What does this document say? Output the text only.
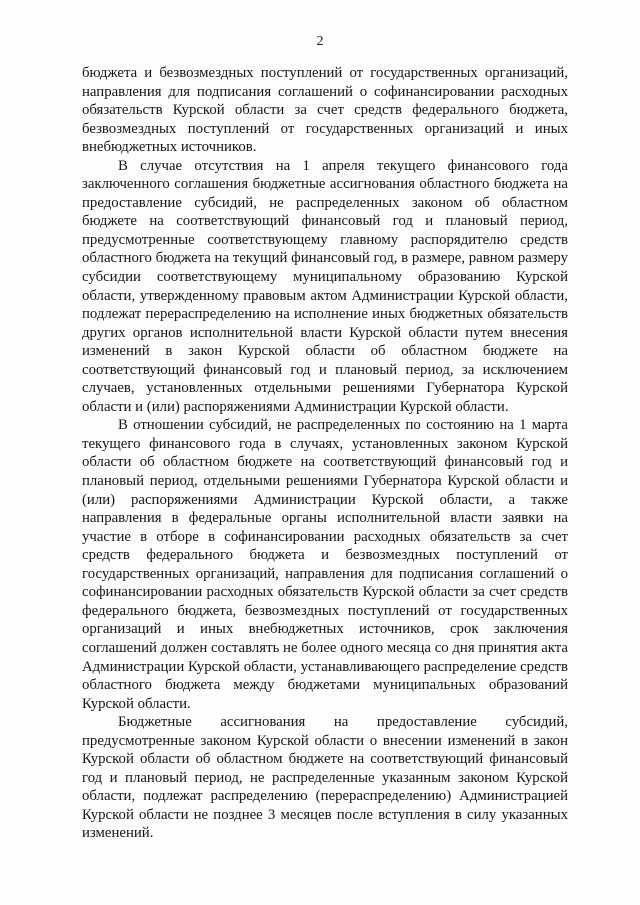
2

бюджета и безвозмездных поступлений от государственных организаций, направления для подписания соглашений о софинансировании расходных обязательств Курской области за счет средств федерального бюджета, безвозмездных поступлений от государственных организаций и иных внебюджетных источников.

В случае отсутствия на 1 апреля текущего финансового года заключенного соглашения бюджетные ассигнования областного бюджета на предоставление субсидий, не распределенных законом об областном бюджете на соответствующий финансовый год и плановый период, предусмотренные соответствующему главному распорядителю средств областного бюджета на текущий финансовый год, в размере, равном размеру субсидии соответствующему муниципальному образованию Курской области, утвержденному правовым актом Администрации Курской области, подлежат перераспределению на исполнение иных бюджетных обязательств других органов исполнительной власти Курской области путем внесения изменений в закон Курской области об областном бюджете на соответствующий финансовый год и плановый период, за исключением случаев, установленных отдельными решениями Губернатора Курской области и (или) распоряжениями Администрации Курской области.

В отношении субсидий, не распределенных по состоянию на 1 марта текущего финансового года в случаях, установленных законом Курской области об областном бюджете на соответствующий финансовый год и плановый период, отдельными решениями Губернатора Курской области и (или) распоряжениями Администрации Курской области, а также направления в федеральные органы исполнительной власти заявки на участие в отборе в софинансировании расходных обязательств за счет средств федерального бюджета и безвозмездных поступлений от государственных организаций, направления для подписания соглашений о софинансировании расходных обязательств Курской области за счет средств федерального бюджета, безвозмездных поступлений от государственных организаций и иных внебюджетных источников, срок заключения соглашений должен составлять не более одного месяца со дня принятия акта Администрации Курской области, устанавливающего распределение средств областного бюджета между бюджетами муниципальных образований Курской области.

Бюджетные ассигнования на предоставление субсидий, предусмотренные законом Курской области о внесении изменений в закон Курской области об областном бюджете на соответствующий финансовый год и плановый период, не распределенные указанным законом Курской области, подлежат распределению (перераспределению) Администрацией Курской области не позднее 3 месяцев после вступления в силу указанных изменений.
